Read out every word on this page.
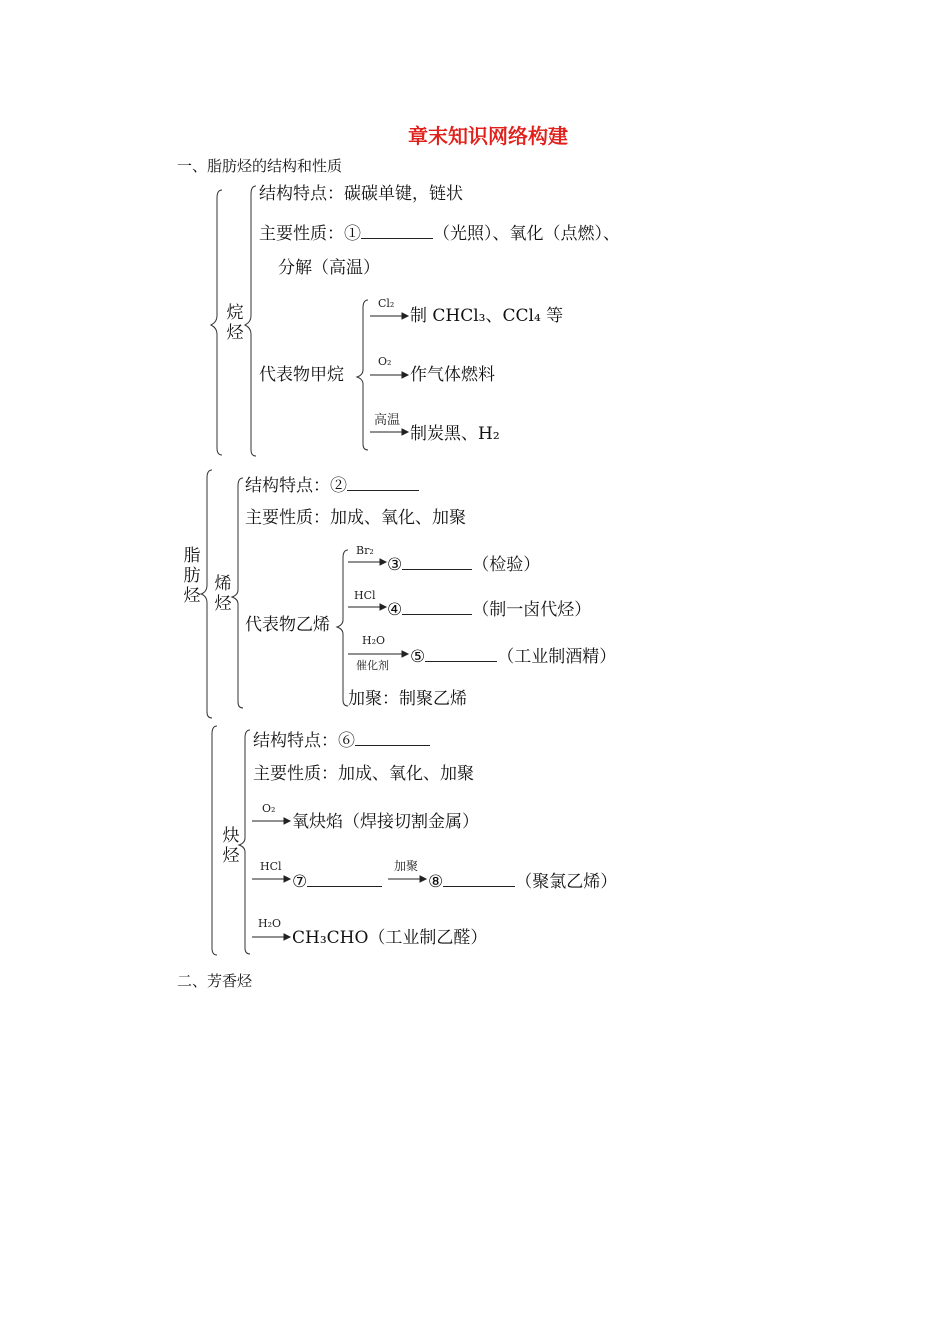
章末知识网络构建
一、脂肪烃的结构和性质
脂肪烃
烷烃
结构特点：碳碳单键，链状
主要性质：①	（光照）、氧化（点燃）、
分解（高温）
代表物甲烷
Cl₂
制 CHCl₃、CCl₄ 等
O₂
作气体燃料
高温
制炭黑、H₂
烯烃
结构特点：②
主要性质：加成、氧化、加聚
代表物乙烯
Br₂
③	（检验）
HCl
④	（制一卤代烃）
H₂O
催化剂 ⑤	（工业制酒精）
加聚：制聚乙烯
炔烃
结构特点：⑥
主要性质：加成、氧化、加聚
O₂
氧炔焰（焊接切割金属）
HCl
⑦
加聚
⑧	（聚氯乙烯）
H₂O
CH₃CHO（工业制乙醛）
二、芳香烃
